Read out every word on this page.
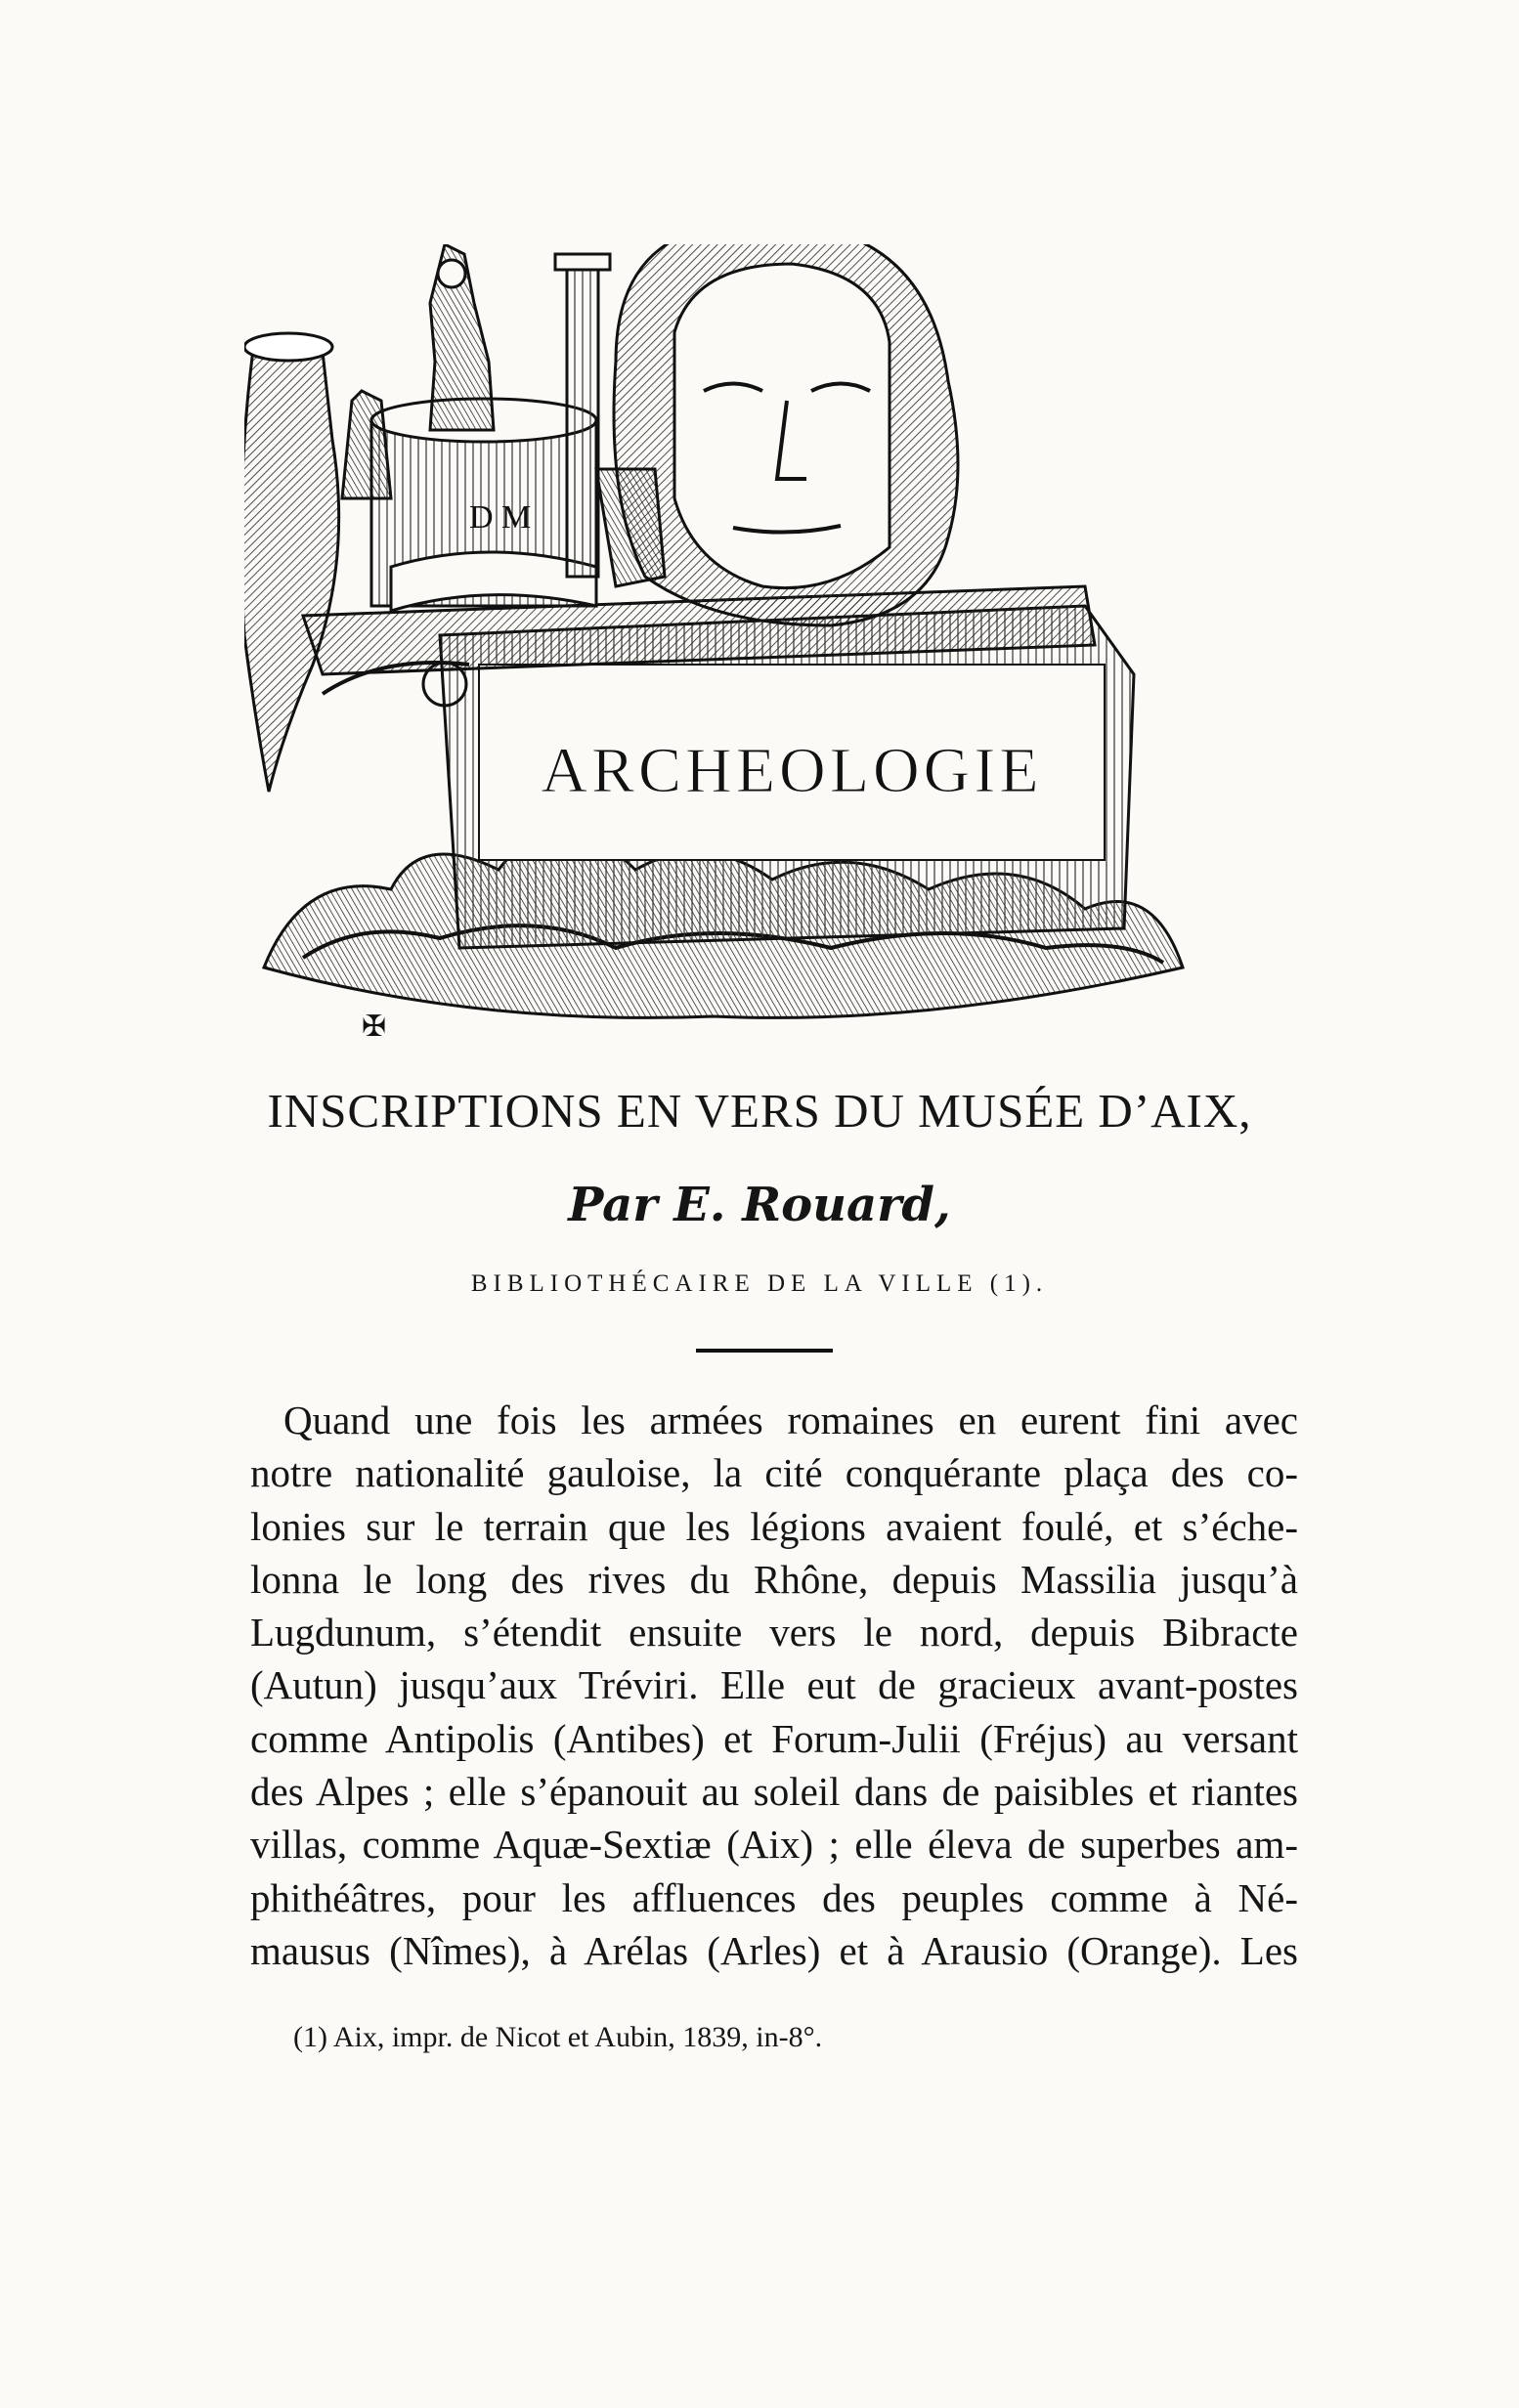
D M
ARCHEOLOGIE
✠
INSCRIPTIONS EN VERS DU MUSÉE D’AIX,
Par E. Rouard,
BIBLIOTHÉCAIRE DE LA VILLE (1).
Quand une fois les armées romaines en eurent fini avec
notre nationalité gauloise, la cité conquérante plaça des co-
lonies sur le terrain que les légions avaient foulé, et s’éche-
lonna le long des rives du Rhône, depuis Massilia jusqu’à
Lugdunum, s’étendit ensuite vers le nord, depuis Bibracte
(Autun) jusqu’aux Tréviri. Elle eut de gracieux avant-postes
comme Antipolis (Antibes) et Forum-Julii (Fréjus) au versant
des Alpes ; elle s’épanouit au soleil dans de paisibles et riantes
villas, comme Aquæ-Sextiæ (Aix) ; elle éleva de superbes am-
phithéâtres, pour les affluences des peuples comme à Né-
mausus (Nîmes), à Arélas (Arles) et à Arausio (Orange). Les
(1) Aix, impr. de Nicot et Aubin, 1839, in-8°.
